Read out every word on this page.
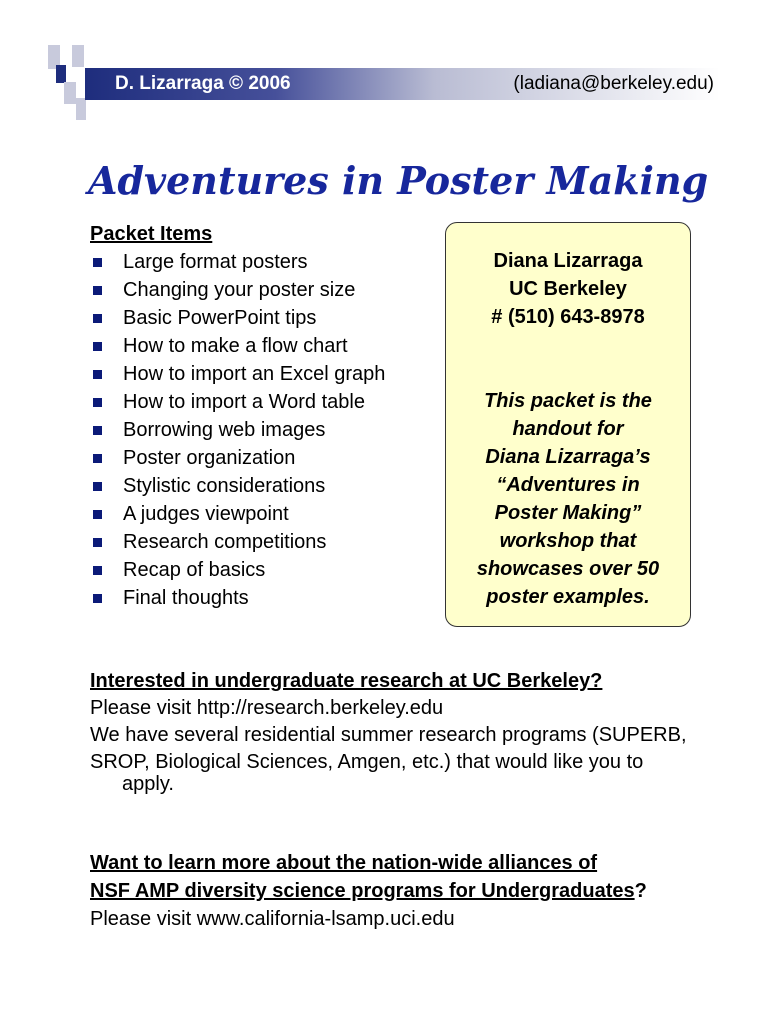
D. Lizarraga © 2006	(ladiana@berkeley.edu)
Adventures in Poster Making
Packet Items
Large format posters
Changing your poster size
Basic PowerPoint tips
How to make a flow chart
How to import an Excel graph
How to import a Word table
Borrowing web images
Poster organization
Stylistic considerations
A judges viewpoint
Research competitions
Recap of basics
Final thoughts
Diana Lizarraga
UC Berkeley
# (510) 643-8978
This packet is the
handout for
Diana Lizarraga’s
“Adventures in
Poster Making”
workshop that
showcases over 50
poster examples.

Interested in undergraduate research at UC Berkeley?

Please visit http://research.berkeley.edu

We have several residential summer research programs (SUPERB,

SROP, Biological Sciences, Amgen, etc.) that would like you to apply.

Want to learn more about the nation-wide alliances of

NSF AMP diversity science programs for Undergraduates?

Please visit www.california-lsamp.uci.edu
